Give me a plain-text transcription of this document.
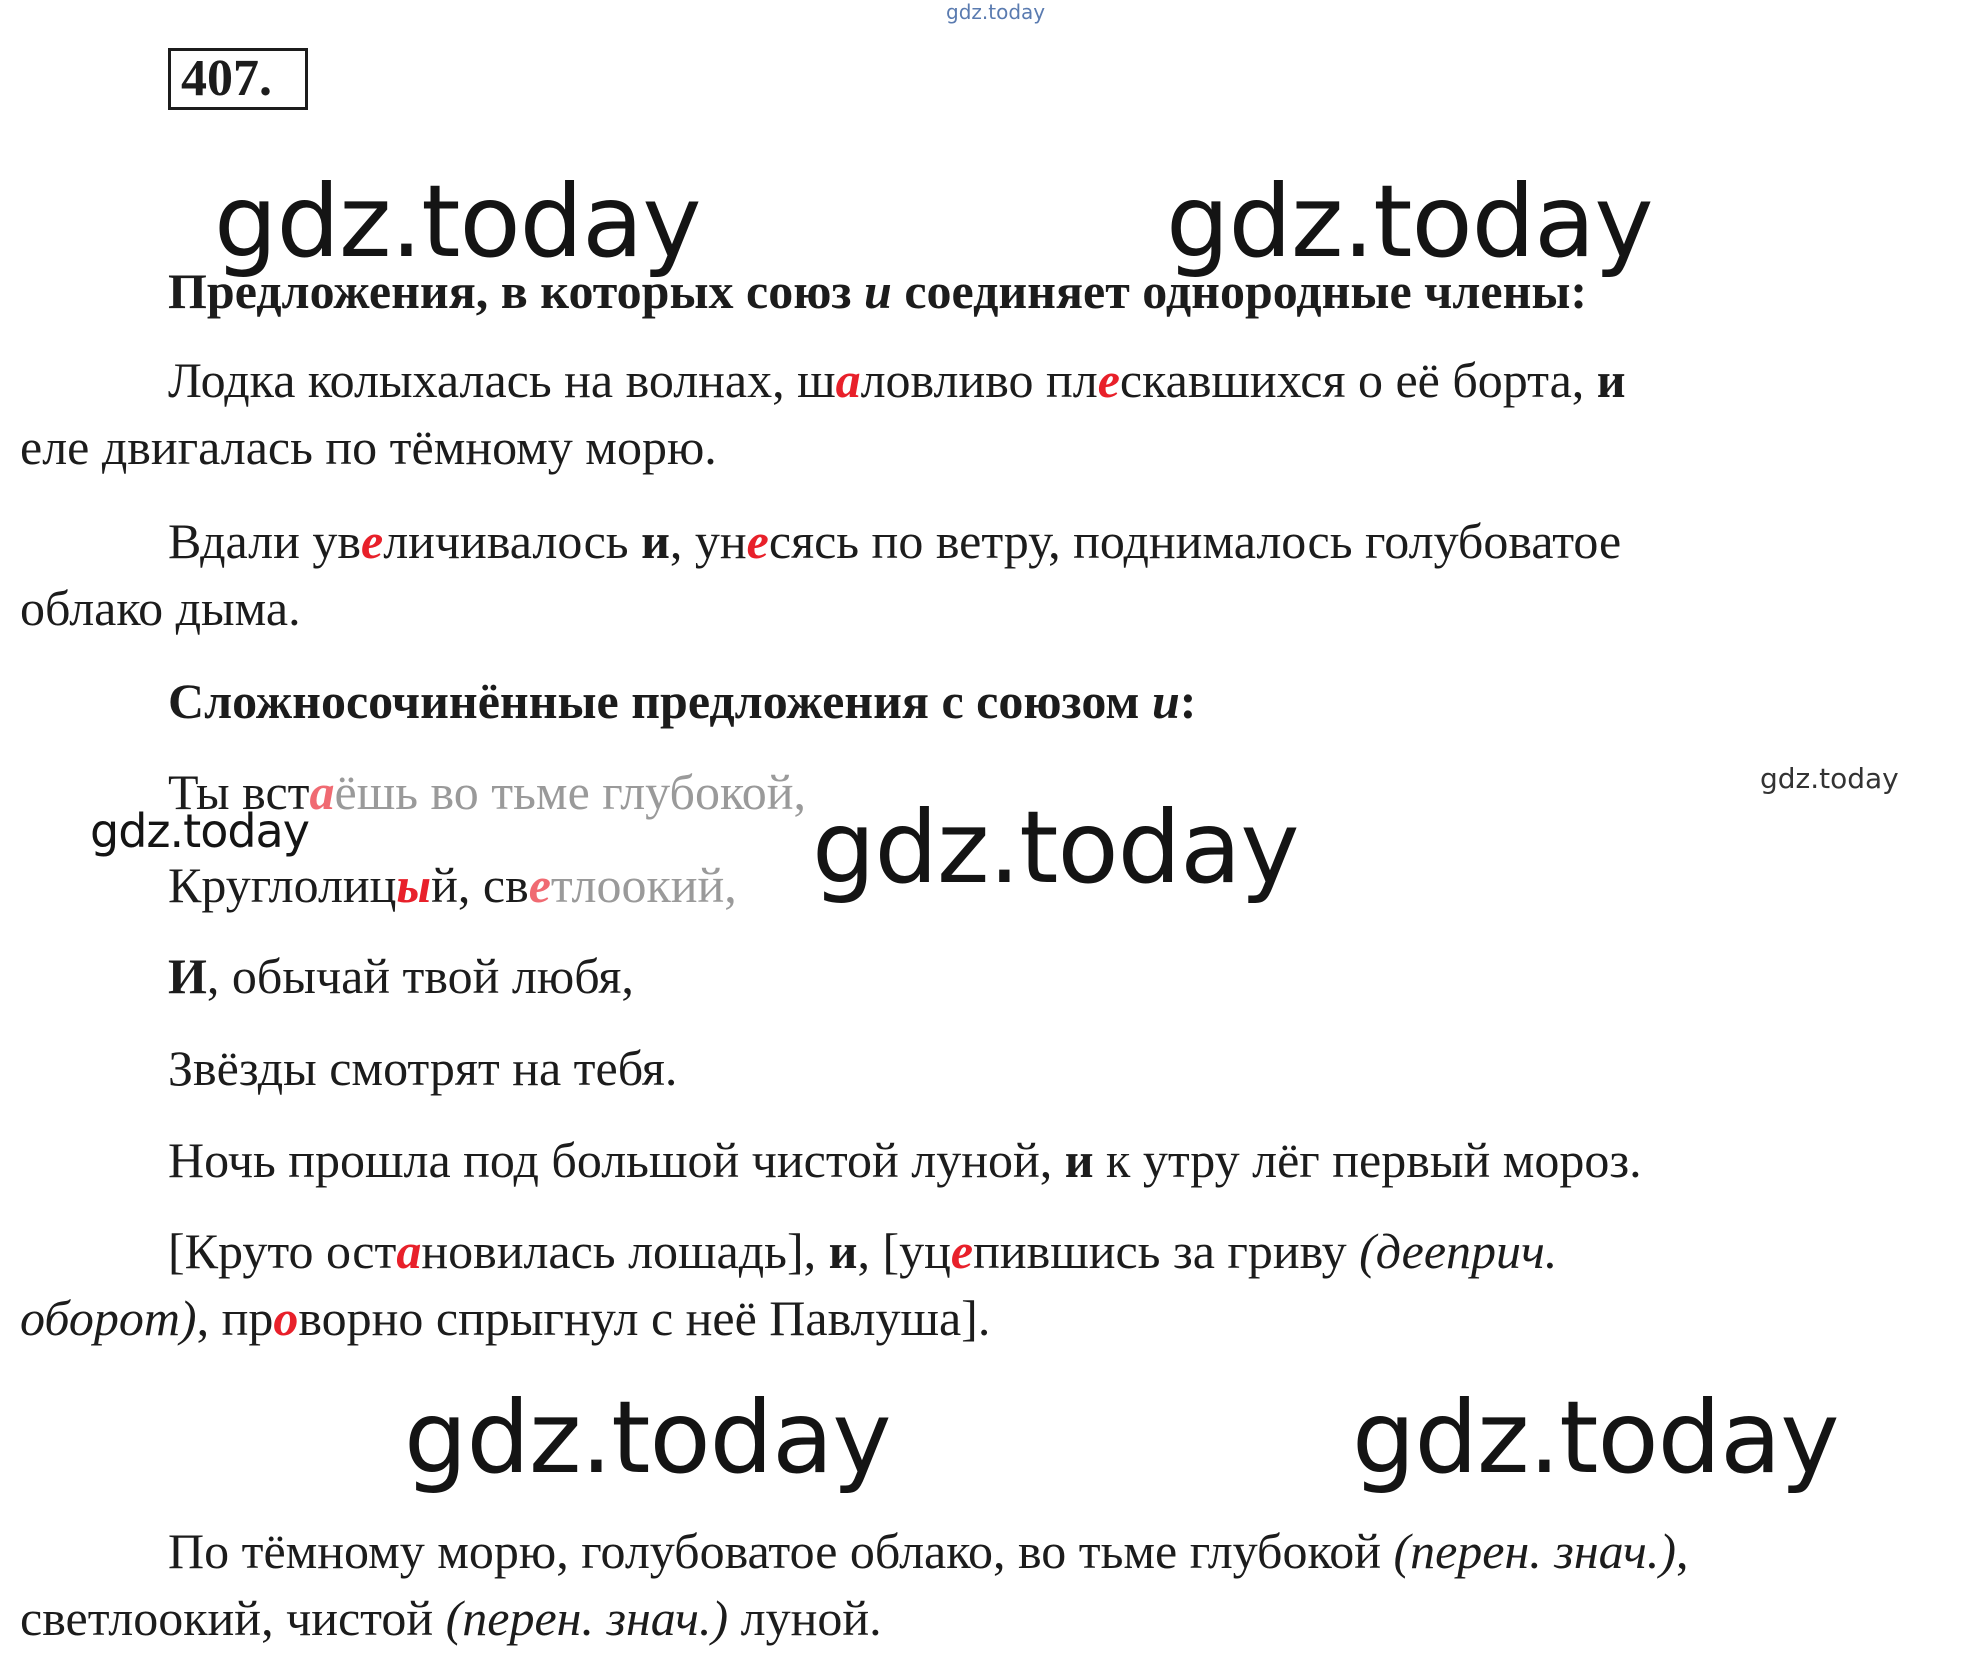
gdz.today
gdz.today	gdz.today
gdz.today
gdz.today	gdz.today
gdz.today	gdz.today
407.
Предложения, в которых союз и соединяет однородные члены:
Лодка колыхалась на волнах, шаловливо плескавшихся о её борта, и
еле двигалась по тёмному морю.
Вдали увеличивалось и, унесясь по ветру, поднималось голубоватое
облако дыма.
Сложносочинённые предложения с союзом и:
Ты встаёшь во тьме глубокой,
Круглолицый, светлоокий,
И, обычай твой любя,
Звёзды смотрят на тебя.
Ночь прошла под большой чистой луной, и к утру лёг первый мороз.
[Круто остановилась лошадь], и, [уцепившись за гриву (дееприч.
оборот), проворно спрыгнул с неё Павлуша].
По тёмному морю, голубоватое облако, во тьме глубокой (перен. знач.),
светлоокий, чистой (перен. знач.) луной.
